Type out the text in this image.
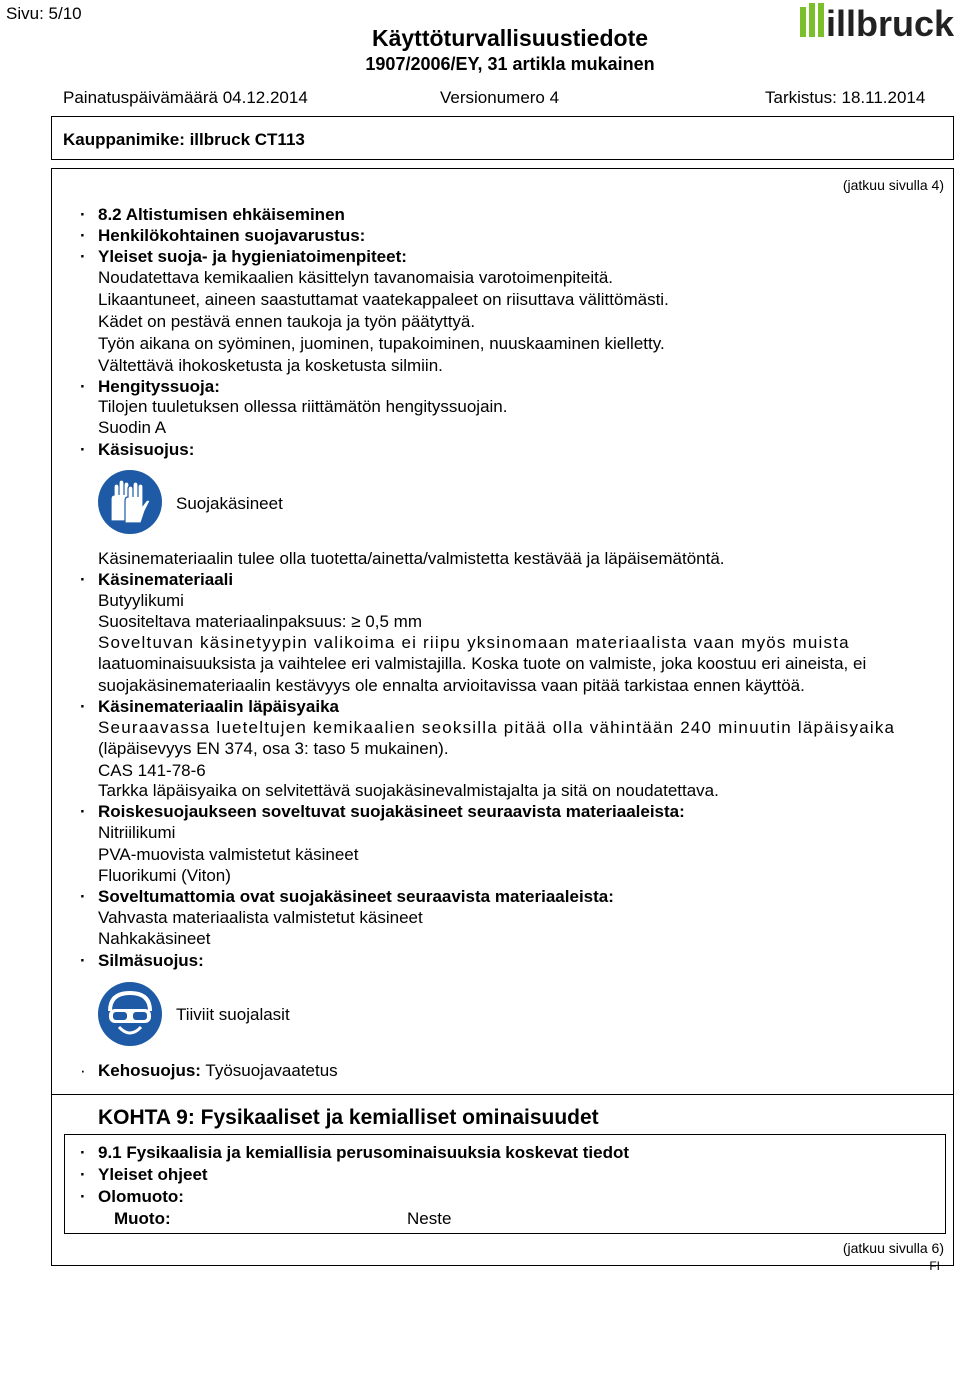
Sivu: 5/10
Käyttöturvallisuustiedote
1907/2006/EY, 31 artikla mukainen
illbruck
Painatuspäivämäärä 04.12.2014	Versionumero 4	Tarkistus: 18.11.2014
Kauppanimike: illbruck CT113
(jatkuu sivulla 4)
· 8.2 Altistumisen ehkäiseminen
· Henkilökohtainen suojavarustus:
· Yleiset suoja- ja hygieniatoimenpiteet:
Noudatettava kemikaalien käsittelyn tavanomaisia varotoimenpiteitä.
Likaantuneet, aineen saastuttamat vaatekappaleet on riisuttava välittömästi.
Kädet on pestävä ennen taukoja ja työn päätyttyä.
Työn aikana on syöminen, juominen, tupakoiminen, nuuskaaminen kielletty.
Vältettävä ihokosketusta ja kosketusta silmiin.
· Hengityssuoja:
Tilojen tuuletuksen ollessa riittämätön hengityssuojain.
Suodin A
· Käsisuojus:
Suojakäsineet
Käsinemateriaalin tulee olla tuotetta/ainetta/valmistetta kestävää ja läpäisemätöntä.
· Käsinemateriaali
Butyylikumi
Suositeltava materiaalinpaksuus: ≥ 0,5 mm
Soveltuvan käsinetyypin valikoima ei riipu yksinomaan materiaalista vaan myös muista
laatuominaisuuksista ja vaihtelee eri valmistajilla. Koska tuote on valmiste, joka koostuu eri aineista, ei
suojakäsinemateriaalin kestävyys ole ennalta arvioitavissa vaan pitää tarkistaa ennen käyttöä.
· Käsinemateriaalin läpäisyaika
Seuraavassa lueteltujen kemikaalien seoksilla pitää olla vähintään 240 minuutin läpäisyaika
(läpäisevyys EN 374, osa 3: taso 5 mukainen).
CAS 141-78-6
Tarkka läpäisyaika on selvitettävä suojakäsinevalmistajalta ja sitä on noudatettava.
· Roiskesuojaukseen soveltuvat suojakäsineet seuraavista materiaaleista:
Nitriilikumi
PVA-muovista valmistetut käsineet
Fluorikumi (Viton)
· Soveltumattomia ovat suojakäsineet seuraavista materiaaleista:
Vahvasta materiaalista valmistetut käsineet
Nahkakäsineet
· Silmäsuojus:
Tiiviit suojalasit
· Kehosuojus: Työsuojavaatetus
KOHTA 9: Fysikaaliset ja kemialliset ominaisuudet
· 9.1 Fysikaalisia ja kemiallisia perusominaisuuksia koskevat tiedot
· Yleiset ohjeet
· Olomuoto:
Muoto:	Neste
(jatkuu sivulla 6)
FI
